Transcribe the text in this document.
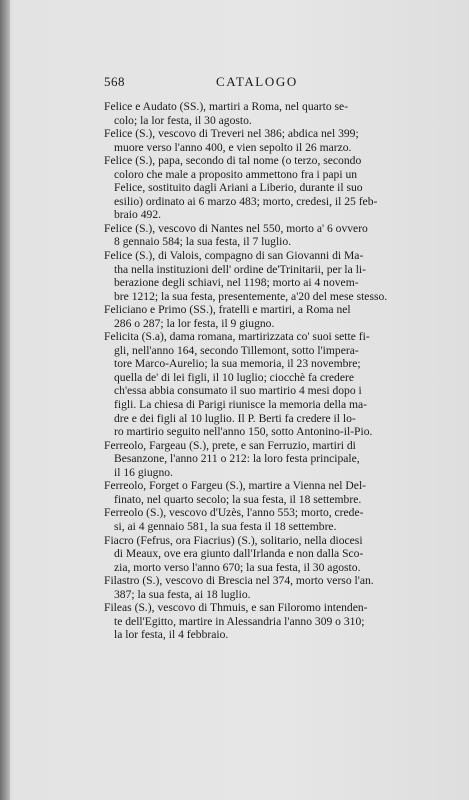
568	CATALOGO
Felice e Audato (SS.), martiri a Roma, nel quarto se-
colo; la lor festa, il 30 agosto.
Felice (S.), vescovo di Treveri nel 386; abdica nel 399;
muore verso l'anno 400, e vien sepolto il 26 marzo.
Felice (S.), papa, secondo di tal nome (o terzo, secondo
coloro che male a proposito ammettono fra i papi un
Felice, sostituito dagli Ariani a Liberio, durante il suo
esilio) ordinato ai 6 marzo 483; morto, credesi, il 25 feb-
braio 492.
Felice (S.), vescovo di Nantes nel 550, morto a' 6 ovvero
8 gennaio 584; la sua festa, il 7 luglio.
Felice (S.), di Valois, compagno di san Giovanni di Ma-
tha nella instituzioni dell' ordine de'Trinitarii, per la li-
berazione degli schiavi, nel 1198; morto ai 4 novem-
bre 1212; la sua festa, presentemente, a'20 del mese stesso.
Feliciano e Primo (SS.), fratelli e martiri, a Roma nel
286 o 287; la lor festa, il 9 giugno.
Felicita (S.a), dama romana, martirizzata co' suoi sette fi-
gli, nell'anno 164, secondo Tillemont, sotto l'impera-
tore Marco-Aurelio; la sua memoria, il 23 novembre;
quella de' di lei figli, il 10 luglio; ciocchè fa credere
ch'essa abbia consumato il suo martirio 4 mesi dopo i
figli. La chiesa di Parigi riunisce la memoria della ma-
dre e dei figli al 10 luglio. Il P. Berti fa credere il lo-
ro martirio seguito nell'anno 150, sotto Antonino-il-Pio.
Ferreolo, Fargeau (S.), prete, e san Ferruzio, martiri di
Besanzone, l'anno 211 o 212: la loro festa principale,
il 16 giugno.
Ferreolo, Forget o Fargeu (S.), martire a Vienna nel Del-
finato, nel quarto secolo; la sua festa, il 18 settembre.
Ferreolo (S.), vescovo d'Uzès, l'anno 553; morto, crede-
si, ai 4 gennaio 581, la sua festa il 18 settembre.
Fiacro (Fefrus, ora Fiacrius) (S.), solitario, nella diocesi
di Meaux, ove era giunto dall'Irlanda e non dalla Sco-
zia, morto verso l'anno 670; la sua festa, il 30 agosto.
Filastro (S.), vescovo di Brescia nel 374, morto verso l'an.
387; la sua festa, ai 18 luglio.
Fileas (S.), vescovo di Thmuis, e san Filoromo intenden-
te dell'Egitto, martire in Alessandria l'anno 309 o 310;
la lor festa, il 4 febbraio.
